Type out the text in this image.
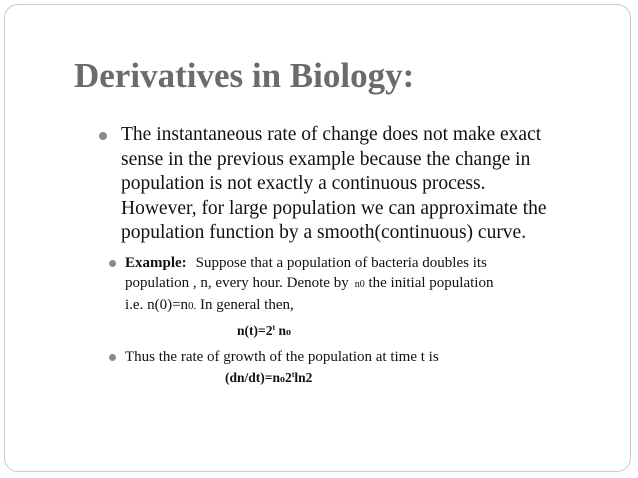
Derivatives in Biology:
The instantaneous rate of change does not make exact
sense in the previous example because the change in
population is not exactly a continuous process.
However, for large population we can approximate the
population function by a smooth(continuous) curve.
Example: Suppose that a population of bacteria doubles its
population , n, every hour. Denote by n0 the initial population
i.e. n(0)=n0. In general then,
$n(t)=2^t$ no
Thus the rate of growth of the population at time t is
$(dn/dt)=no2^t\ln 2$
